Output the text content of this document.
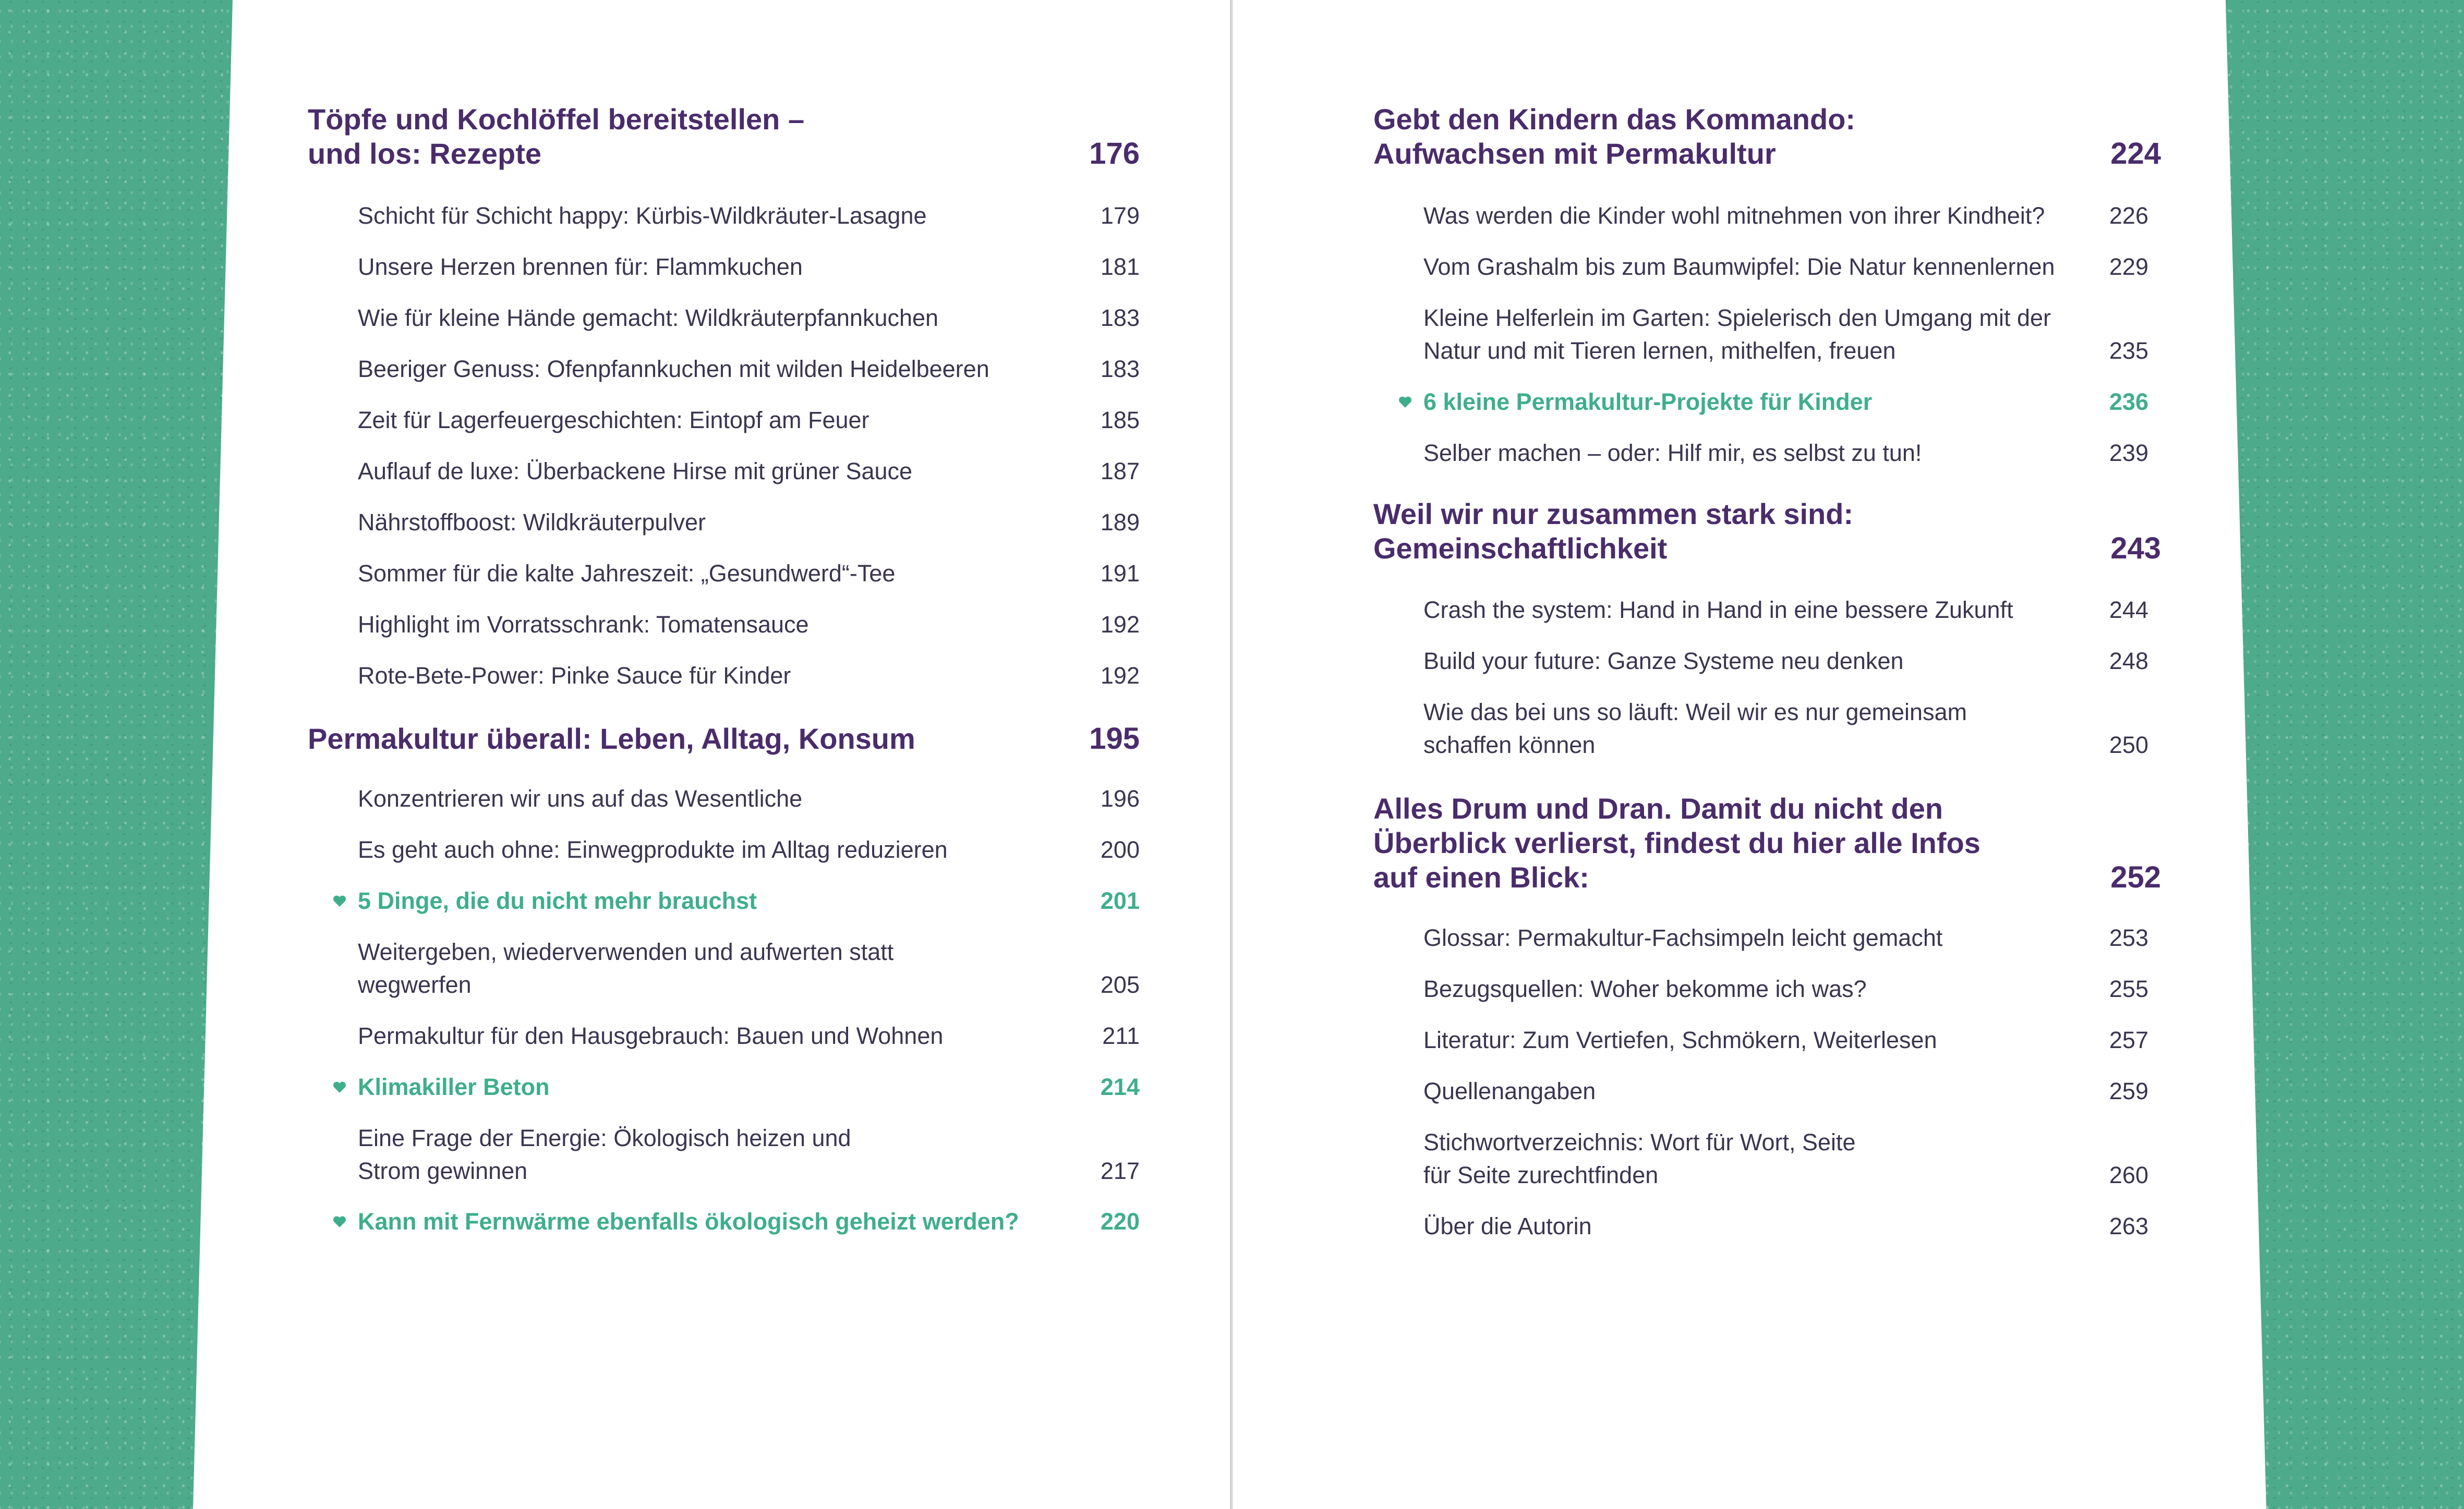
Töpfe und Kochlöffel bereitstellen – und los: Rezepte	176
Schicht für Schicht happy: Kürbis-Wildkräuter-Lasagne	179
Unsere Herzen brennen für: Flammkuchen	181
Wie für kleine Hände gemacht: Wildkräuterpfannkuchen	183
Beeriger Genuss: Ofenpfannkuchen mit wilden Heidelbeeren	183
Zeit für Lagerfeuergeschichten: Eintopf am Feuer	185
Auflauf de luxe: Überbackene Hirse mit grüner Sauce	187
Nährstoffboost: Wildkräuterpulver	189
Sommer für die kalte Jahreszeit: „Gesundwerd“-Tee	191
Highlight im Vorratsschrank: Tomatensauce	192
Rote-Bete-Power: Pinke Sauce für Kinder	192
Permakultur überall: Leben, Alltag, Konsum	195
Konzentrieren wir uns auf das Wesentliche	196
Es geht auch ohne: Einwegprodukte im Alltag reduzieren	200
5 Dinge, die du nicht mehr brauchst	201
Weitergeben, wiederverwenden und aufwerten statt wegwerfen	205
Permakultur für den Hausgebrauch: Bauen und Wohnen	211
Klimakiller Beton	214
Eine Frage der Energie: Ökologisch heizen und Strom gewinnen	217
Kann mit Fernwärme ebenfalls ökologisch geheizt werden?	220
Gebt den Kindern das Kommando: Aufwachsen mit Permakultur	224
Was werden die Kinder wohl mitnehmen von ihrer Kindheit?	226
Vom Grashalm bis zum Baumwipfel: Die Natur kennenlernen	229
Kleine Helferlein im Garten: Spielerisch den Umgang mit der Natur und mit Tieren lernen, mithelfen, freuen	235
6 kleine Permakultur-Projekte für Kinder	236
Selber machen – oder: Hilf mir, es selbst zu tun!	239
Weil wir nur zusammen stark sind: Gemeinschaftlichkeit	243
Crash the system: Hand in Hand in eine bessere Zukunft	244
Build your future: Ganze Systeme neu denken	248
Wie das bei uns so läuft: Weil wir es nur gemeinsam schaffen können	250
Alles Drum und Dran. Damit du nicht den Überblick verlierst, findest du hier alle Infos auf einen Blick:	252
Glossar: Permakultur-Fachsimpeln leicht gemacht	253
Bezugsquellen: Woher bekomme ich was?	255
Literatur: Zum Vertiefen, Schmökern, Weiterlesen	257
Quellenangaben	259
Stichwortverzeichnis: Wort für Wort, Seite für Seite zurechtfinden	260
Über die Autorin	263
